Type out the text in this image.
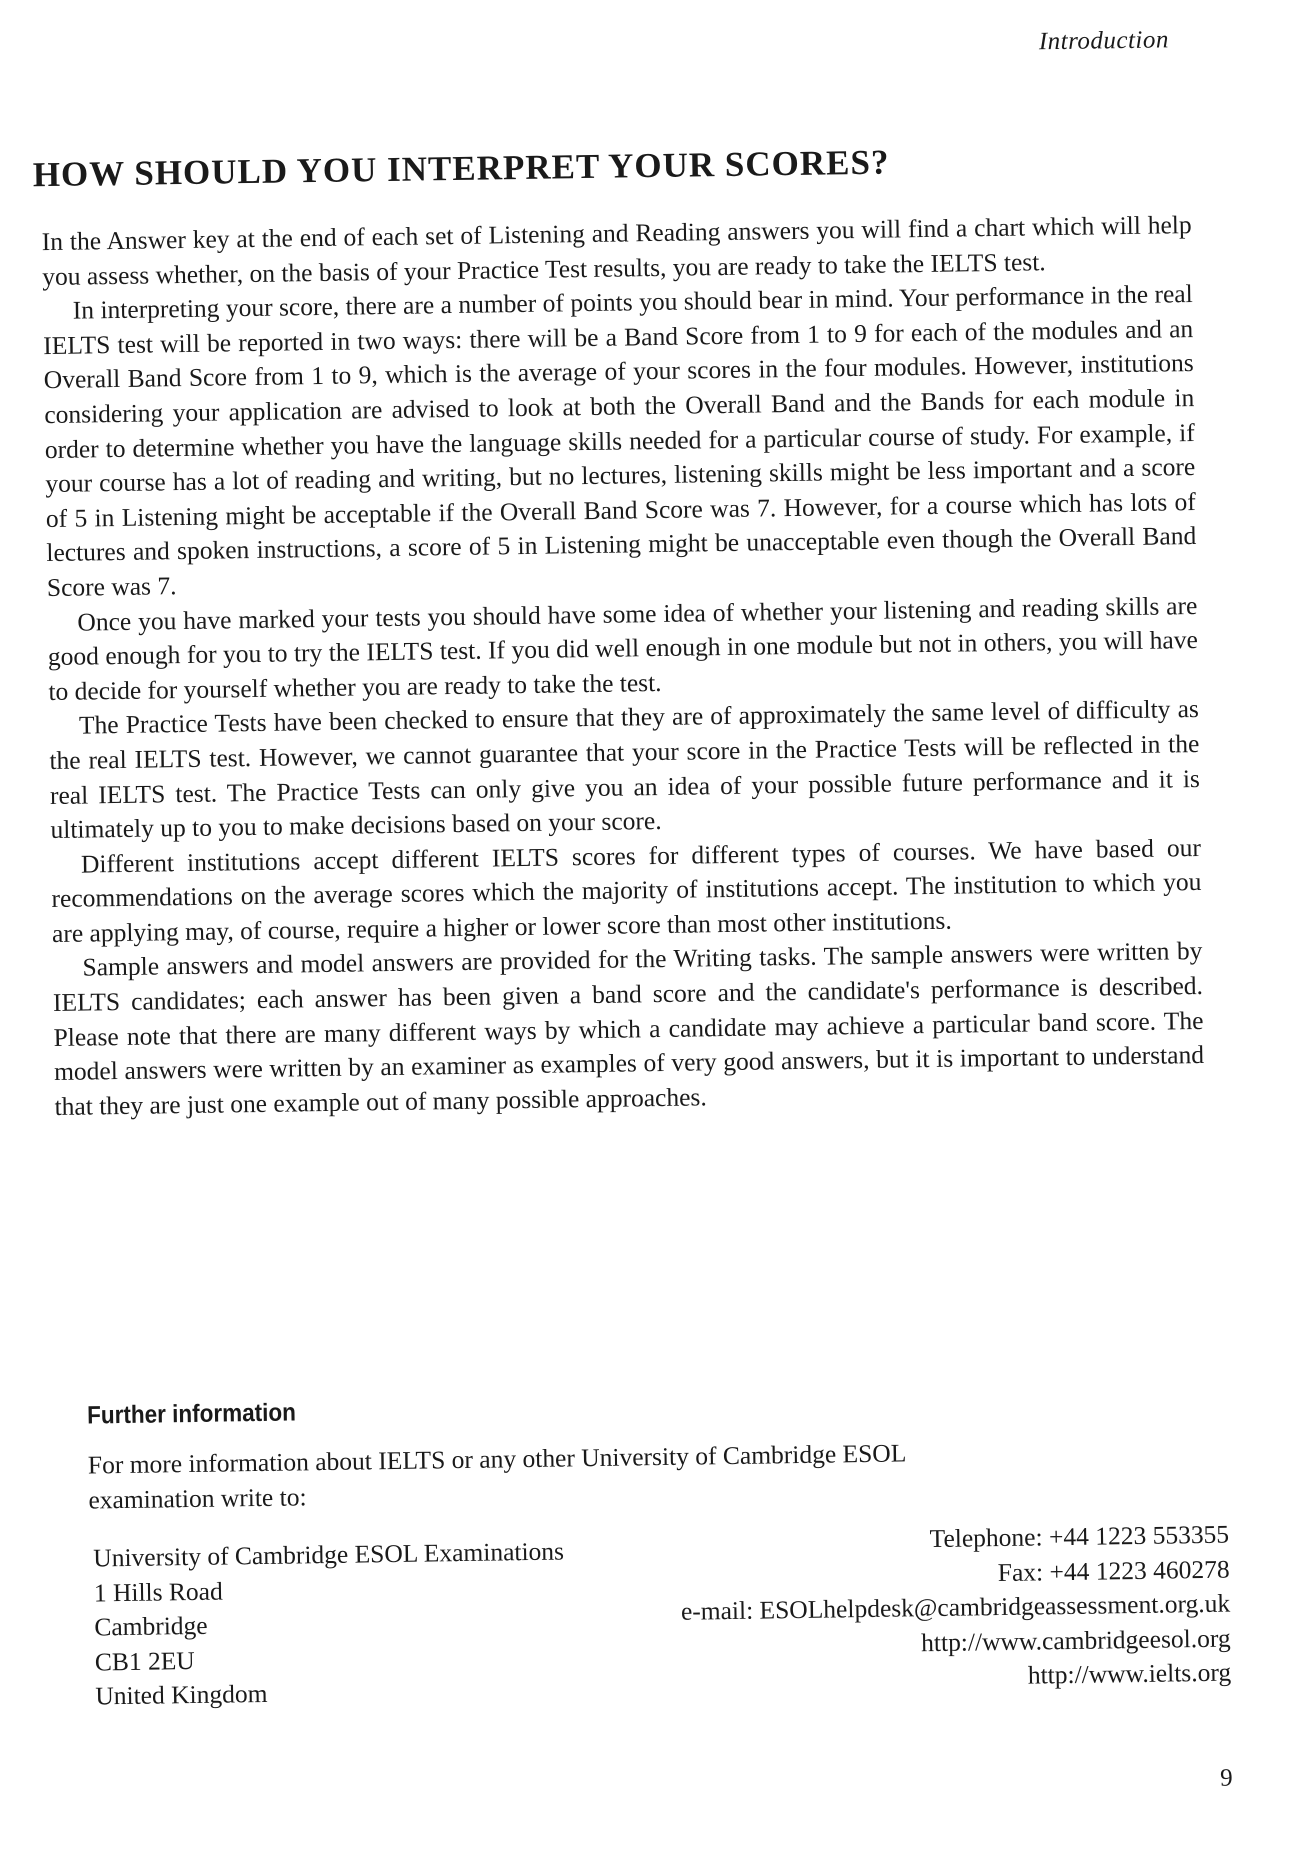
Introduction
HOW SHOULD YOU INTERPRET YOUR SCORES?

In the Answer key at the end of each set of Listening and Reading answers you will find a chart which will help you assess whether, on the basis of your Practice Test results, you are ready to take the IELTS test.

In interpreting your score, there are a number of points you should bear in mind. Your performance in the real IELTS test will be reported in two ways: there will be a Band Score from 1 to 9 for each of the modules and an Overall Band Score from 1 to 9, which is the average of your scores in the four modules. However, institutions considering your application are advised to look at both the Overall Band and the Bands for each module in order to determine whether you have the language skills needed for a particular course of study. For example, if your course has a lot of reading and writing, but no lectures, listening skills might be less important and a score of 5 in Listening might be acceptable if the Overall Band Score was 7. However, for a course which has lots of lectures and spoken instructions, a score of 5 in Listening might be unacceptable even though the Overall Band Score was 7.

Once you have marked your tests you should have some idea of whether your listening and reading skills are good enough for you to try the IELTS test. If you did well enough in one module but not in others, you will have to decide for yourself whether you are ready to take the test.

The Practice Tests have been checked to ensure that they are of approximately the same level of difficulty as the real IELTS test. However, we cannot guarantee that your score in the Practice Tests will be reflected in the real IELTS test. The Practice Tests can only give you an idea of your possible future performance and it is ultimately up to you to make decisions based on your score.

Different institutions accept different IELTS scores for different types of courses. We have based our recommendations on the average scores which the majority of institutions accept. The institution to which you are applying may, of course, require a higher or lower score than most other institutions.

Sample answers and model answers are provided for the Writing tasks. The sample answers were written by IELTS candidates; each answer has been given a band score and the candidate's performance is described. Please note that there are many different ways by which a candidate may achieve a particular band score. The model answers were written by an examiner as examples of very good answers, but it is important to understand that they are just one example out of many possible approaches.

Further information

For more information about IELTS or any other University of Cambridge ESOL examination write to:

University of Cambridge ESOL Examinations
1 Hills Road
Cambridge
CB1 2EU
United Kingdom
Telephone: +44 1223 553355
Fax: +44 1223 460278
e-mail: ESOLhelpdesk@cambridgeassessment.org.uk
http://www.cambridgeesol.org
http://www.ielts.org
9
